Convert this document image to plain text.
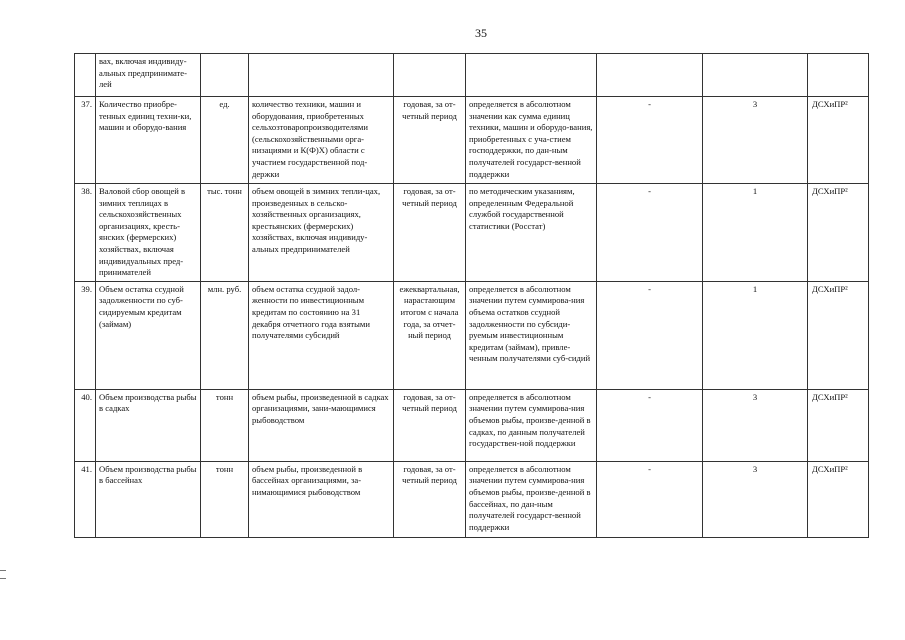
35
	вах, включая индивиду-альных предпринимате-лей							
37.	Количество приобре-тенных единиц техни-ки, машин и оборудо-вания	ед.	количество техники, машин и оборудования, приобретенных сельхозтоваропроизводителями (сельскохозяйственными орга-низациями и К(Ф)Х) области с участием государственной под-держки	годовая, за от-четный период	определяется в абсолютном значении как сумма единиц техники, машин и оборудо-вания, приобретенных с уча-стием господдержки, по дан-ным получателей государст-венной поддержки	-	3	ДСХиПР²
38.	Валовой сбор овощей в зимних теплицах в сельскохозяйственных организациях, кресть-янских (фермерских) хозяйствах, включая индивидуальных пред-принимателей	тыс. тонн	объем овощей в зимних тепли-цах, произведенных в сельско-хозяйственных организациях, крестьянских (фермерских) хозяйствах, включая индивиду-альных предпринимателей	годовая, за от-четный период	по методическим указаниям, определенным Федеральной службой государственной статистики (Росстат)	-	1	ДСХиПР²
39.	Объем остатка ссудной задолженности по суб-сидируемым кредитам (займам)	млн. руб.	объем остатка ссудной задол-женности по инвестиционным кредитам по состоянию на 31 декабря отчетного года взятыми получателями субсидий	ежеквартальная, нарастающим итогом с начала года, за отчет-ный период	определяется в абсолютном значении путем суммирова-ния объема остатков ссудной задолженности по субсиди-руемым инвестиционным кредитам (займам), привле-ченным получателями суб-сидий	-	1	ДСХиПР²
40.	Объем производства рыбы в садках	тонн	объем рыбы, произведенной в садках организациями, зани-мающимися рыбоводством	годовая, за от-четный период	определяется в абсолютном значении путем суммирова-ния объемов рыбы, произве-денной в садках, по данным получателей государствен-ной поддержки	-	3	ДСХиПР²
41.	Объем производства рыбы в бассейнах	тонн	объем рыбы, произведенной в бассейнах организациями, за-нимающимися рыбоводством	годовая, за от-четный период	определяется в абсолютном значении путем суммирова-ния объемов рыбы, произве-денной в бассейнах, по дан-ным получателей государст-венной поддержки	-	3	ДСХиПР²
